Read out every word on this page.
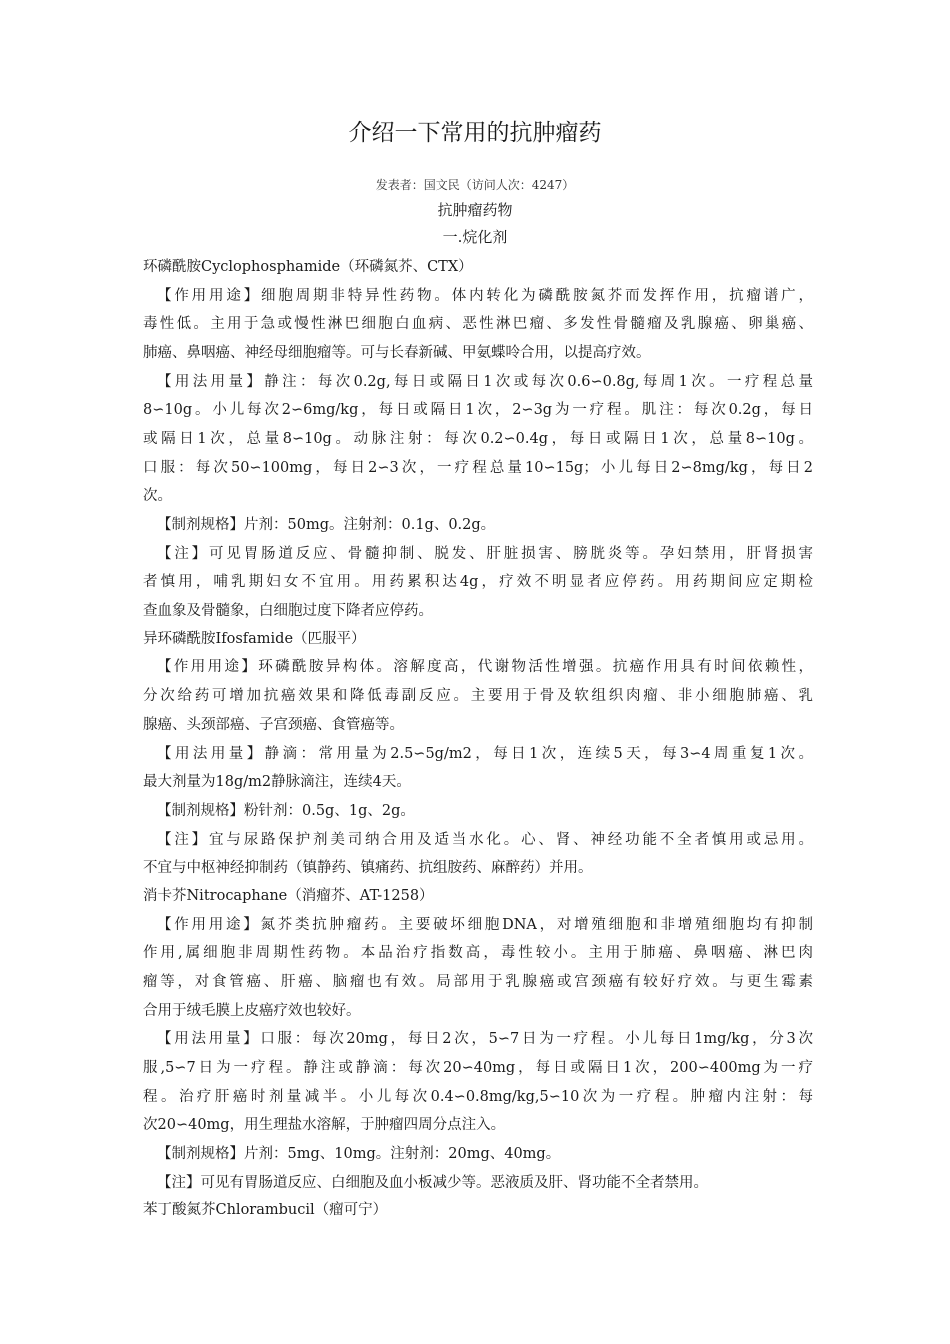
介绍一下常用的抗肿瘤药
发表者：国文民（访问人次：4247）
抗肿瘤药物
一.烷化剂
环磷酰胺Cyclophosphamide（环磷氮芥、CTX）
【作用用途】细胞周期非特异性药物。体内转化为磷酰胺氮芥而发挥作用，抗瘤谱广，
毒性低。主用于急或慢性淋巴细胞白血病、恶性淋巴瘤、多发性骨髓瘤及乳腺癌、卵巢癌、
肺癌、鼻咽癌、神经母细胞瘤等。可与长春新碱、甲氨蝶呤合用，以提高疗效。
【用法用量】静注：每次0.2g,每日或隔日1次或每次0.6∽0.8g,每周1次。一疗程总量
8∽10g。小儿每次2∽6mg/kg，每日或隔日1次，2∽3g为一疗程。肌注：每次0.2g，每日
或隔日1次，总量8∽10g。动脉注射：每次0.2∽0.4g，每日或隔日1次，总量8∽10g。
口服：每次50∽100mg，每日2∽3次，一疗程总量10∽15g；小儿每日2∽8mg/kg，每日2
次。
【制剂规格】片剂：50mg。注射剂：0.1g、0.2g。
【注】可见胃肠道反应、骨髓抑制、脱发、肝脏损害、膀胱炎等。孕妇禁用，肝肾损害
者慎用，哺乳期妇女不宜用。用药累积达4g，疗效不明显者应停药。用药期间应定期检
查血象及骨髓象，白细胞过度下降者应停药。
异环磷酰胺Ifosfamide（匹服平）
【作用用途】环磷酰胺异构体。溶解度高，代谢物活性增强。抗癌作用具有时间依赖性，
分次给药可增加抗癌效果和降低毒副反应。主要用于骨及软组织肉瘤、非小细胞肺癌、乳
腺癌、头颈部癌、子宫颈癌、食管癌等。
【用法用量】静滴：常用量为2.5∽5g/m2，每日1次，连续5天，每3∽4周重复1次。
最大剂量为18g/m2静脉滴注，连续4天。
【制剂规格】粉针剂：0.5g、1g、2g。
【注】宜与尿路保护剂美司纳合用及适当水化。心、肾、神经功能不全者慎用或忌用。
不宜与中枢神经抑制药（镇静药、镇痛药、抗组胺药、麻醉药）并用。
消卡芥Nitrocaphane（消瘤芥、AT-1258）
【作用用途】氮芥类抗肿瘤药。主要破坏细胞DNA，对增殖细胞和非增殖细胞均有抑制
作用,属细胞非周期性药物。本品治疗指数高，毒性较小。主用于肺癌、鼻咽癌、淋巴肉
瘤等，对食管癌、肝癌、脑瘤也有效。局部用于乳腺癌或宫颈癌有较好疗效。与更生霉素
合用于绒毛膜上皮癌疗效也较好。
【用法用量】口服：每次20mg，每日2次，5∽7日为一疗程。小儿每日1mg/kg，分3次
服,5∽7日为一疗程。静注或静滴：每次20∽40mg，每日或隔日1次，200∽400mg为一疗
程。治疗肝癌时剂量减半。小儿每次0.4∽0.8mg/kg,5∽10次为一疗程。肿瘤内注射：每
次20∽40mg，用生理盐水溶解，于肿瘤四周分点注入。
【制剂规格】片剂：5mg、10mg。注射剂：20mg、40mg。
【注】可见有胃肠道反应、白细胞及血小板减少等。恶液质及肝、肾功能不全者禁用。
苯丁酸氮芥Chlorambucil（瘤可宁）
